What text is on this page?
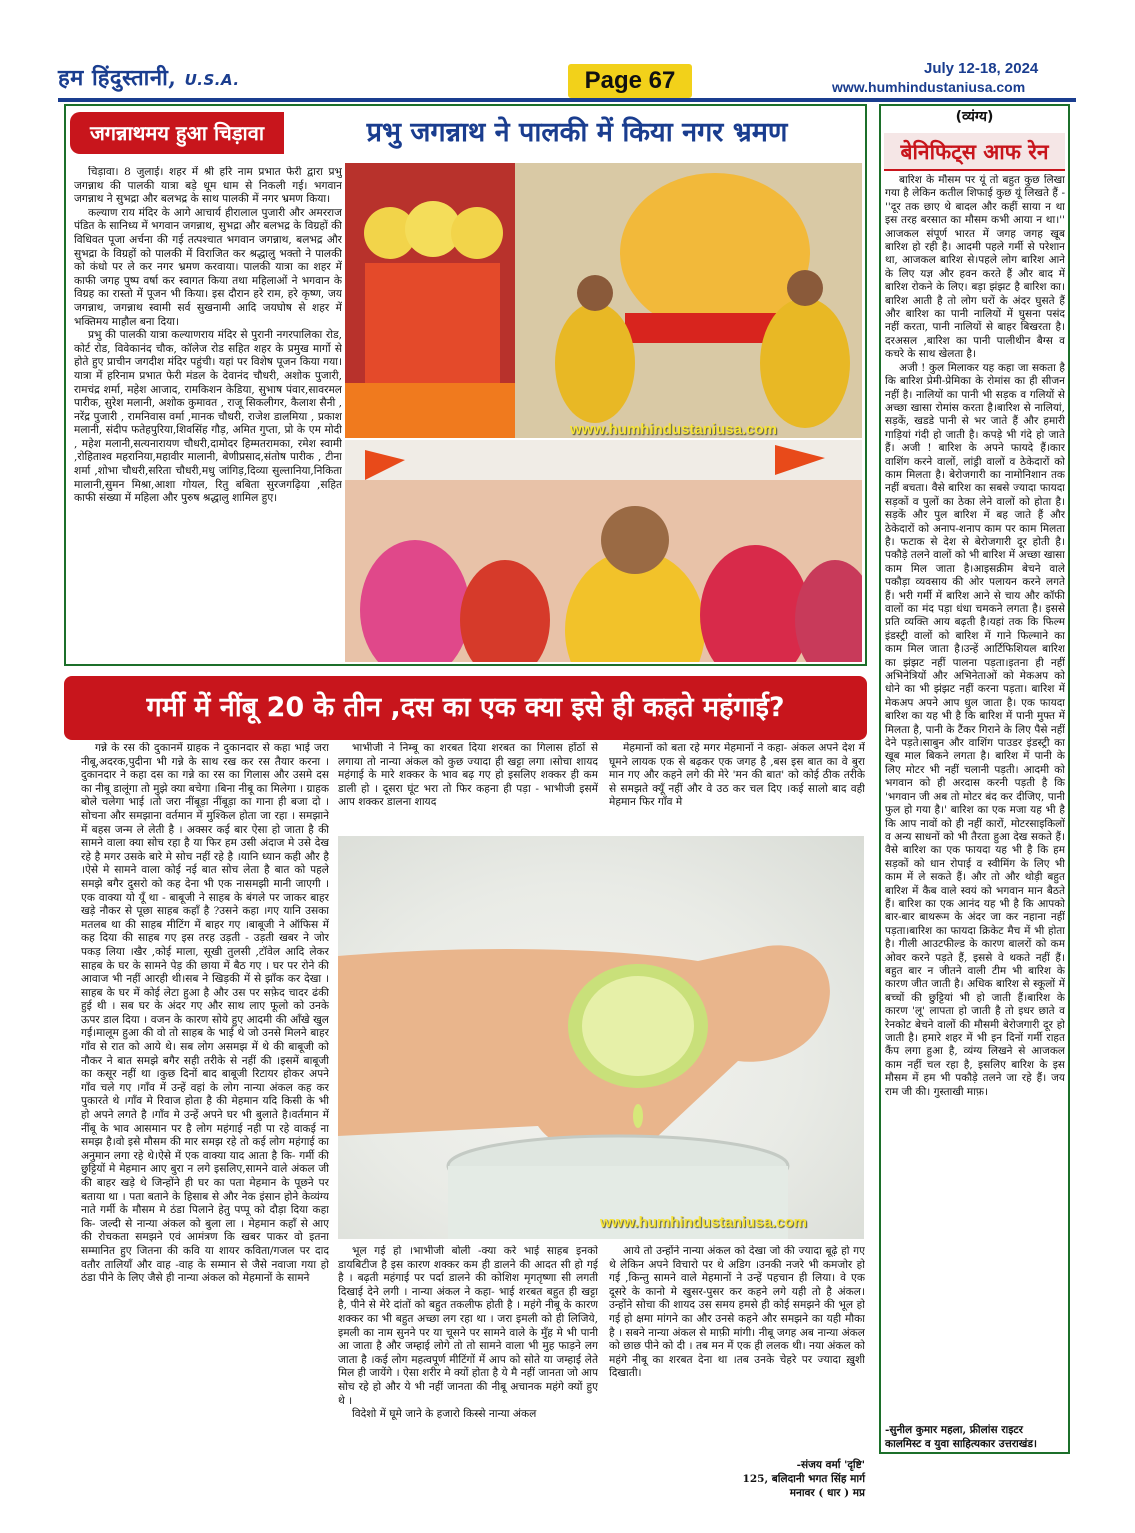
हम हिंदुस्तानी, U.S.A.	Page 67	July 12-18, 2024
www.humhindustaniusa.com
जगन्नाथमय हुआ चिड़ावा	प्रभु जगन्नाथ ने पालकी में किया नगर भ्रमण

चिड़ावा। 8 जुलाई। शहर में श्री हरि नाम प्रभात फेरी द्वारा प्रभु जगन्नाथ की पालकी यात्रा बड़े धूम धाम से निकली गई। भगवान जगन्नाथ ने सुभद्रा और बलभद्र के साथ पालकी में नगर भ्रमण किया।

कल्याण राय मंदिर के आगे आचार्य हीरालाल पुजारी और अमरराज पंडित के सानिध्य में भगवान जगन्नाथ, सुभद्रा और बलभद्र के विग्रहों की विधिवत पूजा अर्चना की गई तत्पश्चात भगवान जगन्नाथ, बलभद्र और सुभद्रा के विग्रहों को पालकी में विराजित कर श्रद्धालु भक्तो ने पालकी को कंधो पर ले कर नगर भ्रमण करवाया। पालकी यात्रा का शहर में काफी जगह पुष्प वर्षा कर स्वागत किया तथा महिलाओं ने भगवान के विग्रह का रास्तो में पूजन भी किया। इस दौरान हरे राम, हरे कृष्ण, जय जगन्नाथ, जगन्नाथ स्वामी सर्व सुखनामी आदि जयघोष से शहर में भक्तिमय माहौल बना दिया।

प्रभु की पालकी यात्रा कल्याणराय मंदिर से पुरानी नगरपालिका रोड, कोर्ट रोड, विवेकानंद चौक, कॉलेज रोड सहित शहर के प्रमुख मार्गो से होते हुए प्राचीन जगदीश मंदिर पहुंची। यहां पर विशेष पूजन किया गया। यात्रा में हरिनाम प्रभात फेरी मंडल के देवानंद चौधरी, अशोक पुजारी, रामचंद्र शर्मा, महेश आजाद, रामकिशन केडिया, सुभाष पंवार,सावरमल पारीक, सुरेश मलानी, अशोक कुमावत , राजू सिकलीगर, कैलाश सैनी , नरेंद्र पुजारी , रामनिवास वर्मा ,मानक चौधरी, राजेश डालमिया , प्रकाश मलानी, संदीप फतेहपुरिया,शिवसिंह गौड़, अमित गुप्ता, प्रो के एम मोदी , महेश मलानी,सत्यनारायण चौधरी,दामोदर हिम्मतरामका, रमेश स्वामी ,रोहिताश्व महरानिया,महावीर मालानी, बेणीप्रसाद,संतोष पारीक , टीना शर्मा ,शोभा चौधरी,सरिता चौधरी,मधु जांगिड़,दिव्या सुल्तानिया,निकिता मालानी,सुमन मिश्रा,आशा गोयल, रितु बबिता सुरजगढ़िया ,सहित काफी संख्या में महिला और पुरुष श्रद्धालु शामिल हुए।

www.humhindustaniusa.com
(व्यंग्य)
बेनिफिट्स आफ रेन

बारिश के मौसम पर यूं तो बहुत कुछ लिखा गया है लेकिन कतील शिफाई कुछ यूं लिखते हैं -''दूर तक छाए थे बादल और कहीं साया न था इस तरह बरसात का मौसम कभी आया न था।'' आजकल संपूर्ण भारत में जगह जगह खूब बारिश हो रही है। आदमी पहले गर्मी से परेशान था, आजकल बारिश से।पहले लोग बारिश आने के लिए यज्ञ और हवन करते हैं और बाद में बारिश रोकने के लिए। बड़ा झंझट है बारिश का। बारिश आती है तो लोग घरों के अंदर घुसते हैं और बारिश का पानी नालियों में घुसना पसंद नहीं करता, पानी नालियों से बाहर बिखरता है। दरअसल ,बारिश का पानी पालीथीन बैग्स व कचरे के साथ खेलता है।

अजी ! कुल मिलाकर यह कहा जा सकता है कि बारिश प्रेमी-प्रेमिका के रोमांस का ही सीजन नहीं है। नालियों का पानी भी सड़क व गलियों से अच्छा खासा रोमांस करता है।बारिश से नालियां, सड़कें, खडडे पानी से भर जाते हैं और हमारी गाड़ियां गंदी हो जाती है। कपड़े भी गंदे हो जाते हैं। अजी ! बारिश के अपने फायदे हैं।कार वाशिंग करने वालों, लांड्री वालों व ठेकेदारों को काम मिलता है। बेरोजगारी का नामोनिशान तक नहीं बचता। वैसे बारिश का सबसे ज्यादा फायदा सड़कों व पुलों का ठेका लेने वालों को होता है। सड़कें और पुल बारिश में बह जाते हैं और ठेकेदारों को अनाप-शनाप काम पर काम मिलता है। फटाक से देश से बेरोजगारी दूर होती है। पकौड़े तलने वालों को भी बारिश में अच्छा खासा काम मिल जाता है।आइसक्रीम बेचने वाले पकौड़ा व्यवसाय की ओर पलायन करने लगते हैं। भरी गर्मी में बारिश आने से चाय और कॉफी वालों का मंद पड़ा धंधा चमकने लगता है। इससे प्रति व्यक्ति आय बढ़ती है।यहां तक कि फिल्म इंडस्ट्री वालों को बारिश में गाने फिल्माने का काम मिल जाता है।उन्हें आर्टिफिशियल बारिश का झंझट नहीं पालना पड़ता।इतना ही नहीं अभिनेत्रियों और अभिनेताओं को मेकअप को धोने का भी झंझट नहीं करना पड़ता। बारिश में मेकअप अपने आप धुल जाता है। एक फायदा बारिश का यह भी है कि बारिश में पानी मुफ्त में मिलता है, पानी के टैंकर गिराने के लिए पैसे नहीं देने पड़ते।साबुन और वाशिंग पाउडर इंडस्ट्री का खूब माल बिकने लगता है। बारिश में पानी के लिए मोटर भी नहीं चलानी पड़ती। आदमी को भगवान को ही अरदास करनी पड़ती है कि 'भगवान जी अब तो मोटर बंद कर दीजिए, पानी फुल हो गया है।' बारिश का एक मजा यह भी है कि आप नावों को ही नहीं कारों, मोटरसाइकिलों व अन्य साधनों को भी तैरता हुआ देख सकते हैं।वैसे बारिश का एक फायदा यह भी है कि हम सड़कों को धान रोपाई व स्वीमिंग के लिए भी काम में ले सकते हैं। और तो और थोड़ी बहुत बारिश में कैब वाले स्वयं को भगवान मान बैठते हैं। बारिश का एक आनंद यह भी है कि आपको बार-बार बाथरूम के अंदर जा कर नहाना नहीं पड़ता।बारिश का फायदा क्रिकेट मैच में भी होता है। गीली आउटफील्ड के कारण बालरों को कम ओवर करने पड़ते हैं, इससे वे थकते नहीं हैं। बहुत बार न जीतने वाली टीम भी बारिश के कारण जीत जाती है। अधिक बारिश से स्कूलों में बच्चों की छुट्टियां भी हो जाती हैं।बारिश के कारण 'लू' लापता हो जाती है तो इधर छाते व रेनकोट बेचने वालों की मौसमी बेरोजगारी दूर हो जाती है। हमारे शहर में भी इन दिनों गर्मी राहत कैंप लगा हुआ है, व्यंग्य लिखने से आजकल काम नहीं चल रहा है, इसलिए बारिश के इस मौसम में हम भी पकौड़े तलने जा रहे हैं। जय राम जी की। गुस्ताखी माफ़।

-सुनील कुमार महला, फ्रीलांस राइटर
कालमिस्ट व युवा साहित्यकार उत्तराखंड।
गर्मी में नींबू 20 के तीन ,दस का एक क्या इसे ही कहते महंगाई?

गन्ने के रस की दुकानमें ग्राहक ने दुकानदार से कहा भाई जरा नीबू,अदरक,पुदीना भी गन्ने के साथ रख कर रस तैयार करना ।दुकानदार ने कहा दस का गन्ने का रस का गिलास और उसमे दस का नीबू डालूंगा तो मुझे क्या बचेगा ।बिना नीबू का मिलेगा । ग्राहक बोले चलेगा भाई ।तो जरा नींबूड़ा नींबूड़ा का गाना ही बजा दो । सोचना और समझाना वर्तमान में मुश्किल होता जा रहा । समझाने में बहस जन्म ले लेती है । अक्सर कई बार ऐसा हो जाता है की सामने वाला क्या सोच रहा है या फिर हम उसी अंदाज मे उसे देख रहे है मगर उसके बारे मे सोच नहीं रहे है ।यानि ध्यान कही और है ।ऐसे मे सामने वाला कोई नई बात सोच लेता है बात को पहले समझे बगैर दुसरो को कह देना भी एक नासमझी मानी जाएगी ।एक वाक्या यो यूँ था - बाबूजी ने साहब के बंगले पर जाकर बाहर खड़े नौकर से पूछा साहब कहाँ है ?उसने कहा ।गए यानि उसका मतलब था की साहब मीटिंग में बाहर गए ।बाबूजी ने ऑफिस में कह दिया की साहब गए इस तरह उड़ती - उड़ती खबर ने जोर पकड़ लिया ।खैर ,कोई माला, सूखी तुलसी ,टॉवेल आदि लेकर साहब के घर के सामने पेड़ की छाया में बैठ गए । घर पर रोने की आवाज भी नहीं आरही थी।सब ने खिड़की में से झाँक कर देखा ।साहब के घर में कोई लेटा हुआ है और उस पर सफ़ेद चादर ढंकी हुई थी । सब घर के अंदर गए और साथ लाए फूलो को उनके ऊपर डाल दिया । वजन के कारण सोये हुए आदमी की आँखे खुल गई।मालूम हुआ की वो तो साहब के भाई थे जो उनसे मिलने बाहर गाँव से रात को आये थे। सब लोग असमझ में थे की बाबूजी को नौकर ने बात समझे बगैर सही तरीके से नहीं की ।इसमें बाबूजी का कसूर नहीं था ।कुछ दिनों बाद बाबूजी रिटायर होकर अपने गाँव चले गए ।गाँव में उन्हें वहां के लोग नान्या अंकल कह कर पुकारते थे ।गाँव मे रिवाज होता है की मेहमान यदि किसी के भी हो अपने लगते है ।गाँव मे उन्हें अपने घर भी बुलाते है।वर्तमान में नींबू के भाव आसमान पर है लोग महंगाई नही पा रहे वाकई ना समझ है।वो इसे मौसम की मार समझ रहे तो कई लोग महंगाई का अनुमान लगा रहे थे।ऐसे में एक वाक्या याद आता है कि- गर्मी की छुट्टियों मे मेहमान आए बुरा न लगे इसलिए,सामने वाले अंकल जी की बाहर खड़े थे जिन्होंने ही घर का पता मेहमान के पूछने पर बताया था । पता बताने के हिसाब से और नेक इंसान होने केव्यंग्य नाते गर्मी के मौसम मे ठंडा पिलाने हेतु पप्पू को दौड़ा दिया कहा कि- जल्दी से नान्या अंकल को बुला ला । मेहमान कहाँ से आए की रोचकता समझने एवं आमंत्रण कि खबर पाकर वो इतना सम्मानित हुए जितना की कवि या शायर कविता/गजल पर दाद वतौर तालियाँ और वाह -वाह के सम्मान से जैसे नवाजा गया हो ठंडा पीने के लिए जैसे ही नान्या अंकल को मेहमानों के सामने

भाभीजी ने निम्बू का शरबत दिया शरबत का गिलास होंठों से लगाया तो नान्या अंकल को कुछ ज्यादा ही खट्टा लगा ।सोचा शायद महंगाई के मारे शक्कर के भाव बढ़ गए हो इसलिए शक्कर ही कम डाली हो । दूसरा घूंट भरा तो फिर कहना ही पड़ा - भाभीजी इसमें आप शक्कर डालना शायद

मेहमानों को बता रहे मगर मेहमानों ने कहा- अंकल अपने देश में घूमने लायक एक से बढ़कर एक जगह है ,बस इस बात का वे बुरा मान गए और कहने लगे की मेरे 'मन की बात' को कोई ठीक तरीके से समझते क्यूँ नहीं और वे उठ कर चल दिए ।कई सालो बाद वही मेहमान फिर गाँव मे

www.humhindustaniusa.com

भूल गई हो ।भाभीजी बोली -क्या करे भाई साहब इनको डायबिटीज है इस कारण शक्कर कम ही डालने की आदत सी हो गई है । बढ़ती महंगाई पर पर्दा डालने की कोशिश मृगतृष्णा सी लगती दिखाई देने लगी । नान्या अंकल ने कहा- भाई शरबत बहुत ही खट्टा है, पीने से मेरे दांतों को बहुत तकलीफ होती है । महंगे नीबू के कारण शक्कर का भी बहुत अच्छा लग रहा था । जरा इमली को ही लिजिये, इमली का नाम सुनने पर या चूसने पर सामने वाले के मुँह मे भी पानी आ जाता है और जम्हाई लोगे तो तो सामने वाला भी मुह फाड़ने लग जाता है ।कई लोग महत्वपूर्ण मीटिंगों में आप को सोते या जम्हाई लेते मिल ही जायेंगे । ऐसा शरीर मे क्यों होता है ये मै नहीं जानता जो आप सोच रहे हो और ये भी नहीं जानता की नीबू अचानक महंगे क्यों हुए थे ।

विदेशो में घूमे जाने के हजारो किस्से नान्या अंकल

आये तो उन्होंने नान्या अंकल को देखा जो की ज्यादा बूढ़े हो गए थे लेकिन अपने विचारो पर थे अडिग ।उनकी नजरे भी कमजोर हो गई ,किन्तु सामने वाले मेहमानों ने उन्हें पहचान ही लिया। वे एक दूसरे के कानो मे खुसर-पुसर कर कहने लगे यही तो है अंकल। उन्होंने सोचा की शायद उस समय हमसे ही कोई समझने की भूल हो गई हो क्षमा मांगने का और उनसे कहने और समझने का यही मौका है । सबने नान्या अंकल से माफ़ी मांगी। नीबू जगह अब नान्या अंकल को छाछ पीने को दी । तब मन में एक ही ललक थी। नया अंकल को महंगे नीबू का शरबत देना था ।तब उनके चेहरे पर ज्यादा ख़ुशी दिखाती।

-संजय वर्मा 'दृष्टि'
125, बलिदानी भगत सिंह मार्ग
मनावर ( धार ) मप्र
